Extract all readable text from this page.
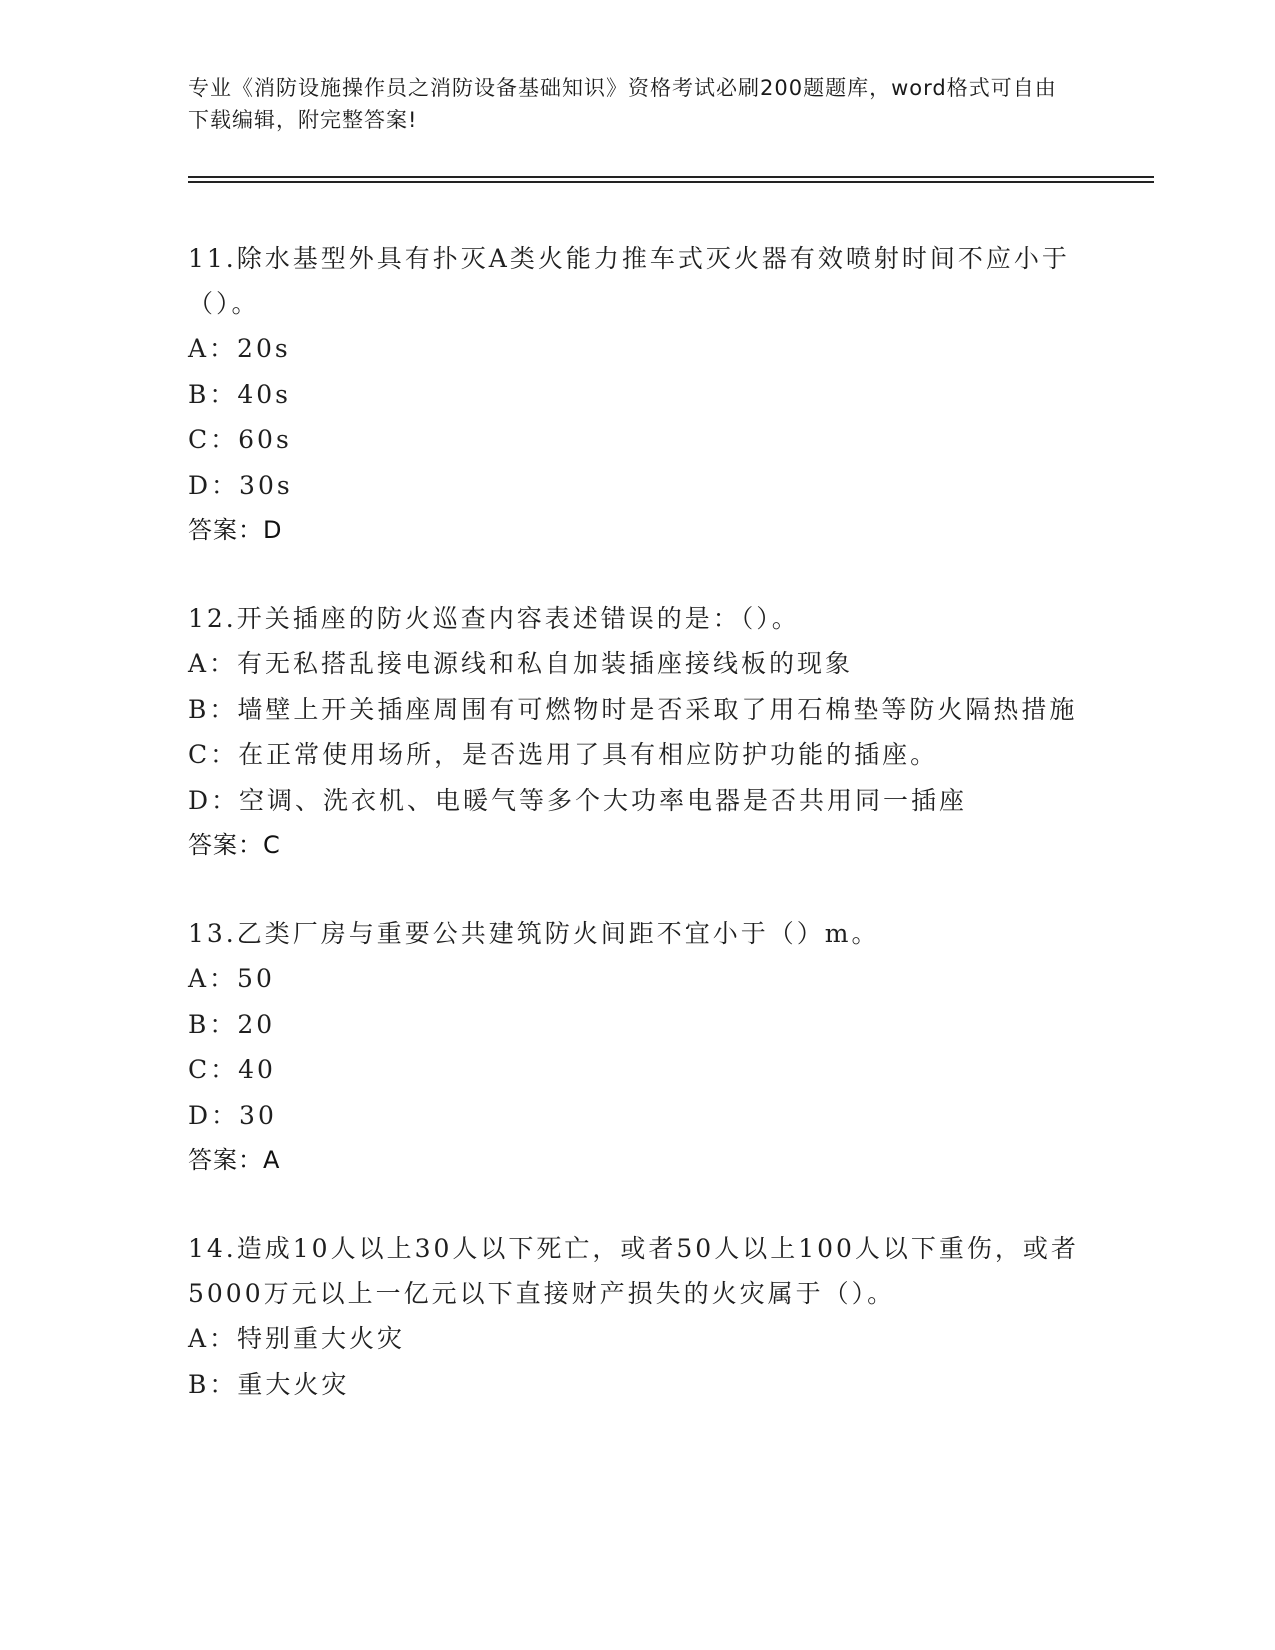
专业《消防设施操作员之消防设备基础知识》资格考试必刷200题题库，word格式可自由下载编辑，附完整答案!

11.除水基型外具有扑灭A类火能力推车式灭火器有效喷射时间不应小于（）。

A：20s

B：40s

C：60s

D：30s

答案：D

12.开关插座的防火巡查内容表述错误的是：（）。

A：有无私搭乱接电源线和私自加装插座接线板的现象

B：墙壁上开关插座周围有可燃物时是否采取了用石棉垫等防火隔热措施

C：在正常使用场所，是否选用了具有相应防护功能的插座。

D：空调、洗衣机、电暖气等多个大功率电器是否共用同一插座

答案：C

13.乙类厂房与重要公共建筑防火间距不宜小于（）m。

A：50

B：20

C：40

D：30

答案：A

14.造成10人以上30人以下死亡，或者50人以上100人以下重伤，或者5000万元以上一亿元以下直接财产损失的火灾属于（）。

A：特别重大火灾

B：重大火灾
